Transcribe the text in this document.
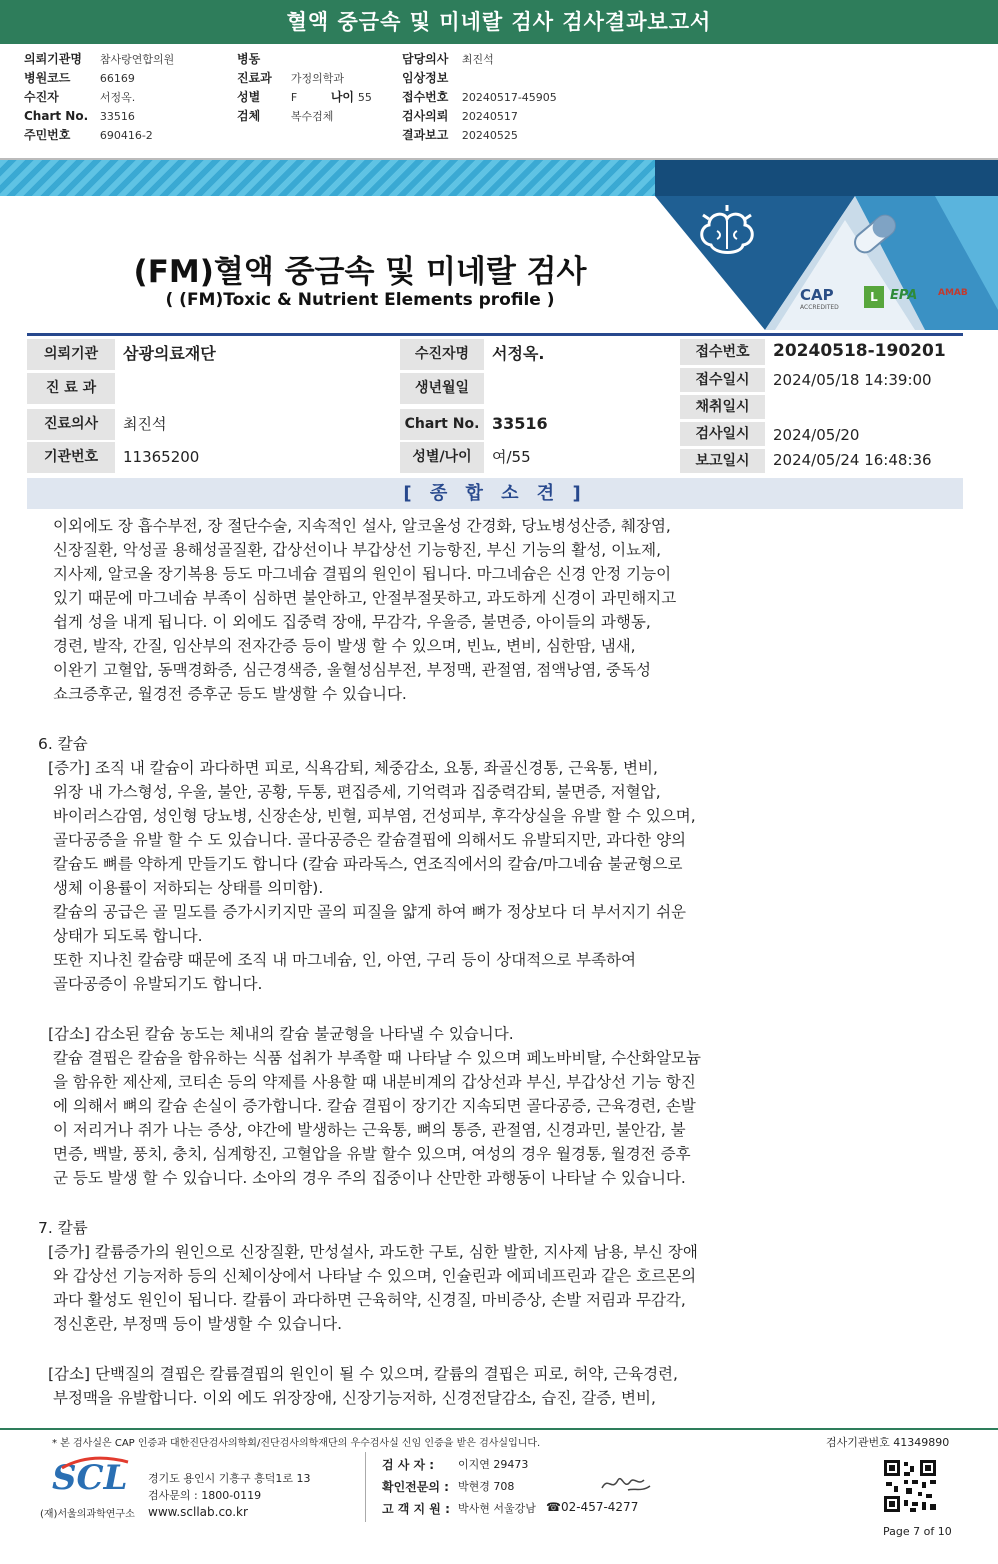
혈액 중금속 및 미네랄 검사 검사결과보고서
의뢰기관명 참사랑연합의원
병원코드	66169
수진자	서정옥.
Chart No. 33516
주민번호	690416-2
병동
진료과 가정의학과
성별	F	나이 55
검체	복수검체
담당의사 최진석
임상정보
접수번호 20240517-45905
검사의뢰 20240517
결과보고 20240525
CAP
ACCREDITED
L EPA AMAB
(FM)혈액 중금속 및 미네랄 검사
( (FM)Toxic & Nutrient Elements profile )
의뢰기관	삼광의료재단
진 료 과
진료의사	최진석
기관번호	11365200
수진자명	서정옥.
생년월일
Chart No. 33516
성별/나이	여/55
접수번호	20240518-190201
접수일시	2024/05/18 14:39:00
채취일시
검사일시	2024/05/20
보고일시	2024/05/24 16:48:36
[ 종 합 소 견 ]
이외에도 장 흡수부전, 장 절단수술, 지속적인 설사, 알코올성 간경화, 당뇨병성산증, 췌장염,
신장질환, 악성골 용해성골질환, 갑상선이나 부갑상선 기능항진, 부신 기능의 활성, 이뇨제,
지사제, 알코올 장기복용 등도 마그네슘 결핍의 원인이 됩니다. 마그네슘은 신경 안정 기능이
있기 때문에 마그네슘 부족이 심하면 불안하고, 안절부절못하고, 과도하게 신경이 과민해지고
쉽게 성을 내게 됩니다. 이 외에도 집중력 장애, 무감각, 우울증, 불면증, 아이들의 과행동,
경련, 발작, 간질, 임산부의 전자간증 등이 발생 할 수 있으며, 빈뇨, 변비, 심한땀, 냄새,
이완기 고혈압, 동맥경화증, 심근경색증, 울혈성심부전, 부정맥, 관절염, 점액낭염, 중독성
쇼크증후군, 월경전 증후군 등도 발생할 수 있습니다.
6. 칼슘
[증가] 조직 내 칼슘이 과다하면 피로, 식욕감퇴, 체중감소, 요통, 좌골신경통, 근육통, 변비,
위장 내 가스형성, 우울, 불안, 공황, 두통, 편집증세, 기억력과 집중력감퇴, 불면증, 저혈압,
바이러스감염, 성인형 당뇨병, 신장손상, 빈혈, 피부염, 건성피부, 후각상실을 유발 할 수 있으며,
골다공증을 유발 할 수 도 있습니다. 골다공증은 칼슘결핍에 의해서도 유발되지만, 과다한 양의
칼슘도 뼈를 약하게 만들기도 합니다 (칼슘 파라독스, 연조직에서의 칼슘/마그네슘 불균형으로
생체 이용률이 저하되는 상태를 의미함).
칼슘의 공급은 골 밀도를 증가시키지만 골의 피질을 얇게 하여 뼈가 정상보다 더 부서지기 쉬운
상태가 되도록 합니다.
또한 지나친 칼슘량 때문에 조직 내 마그네슘, 인, 아연, 구리 등이 상대적으로 부족하여
골다공증이 유발되기도 합니다.
[감소] 감소된 칼슘 농도는 체내의 칼슘 불균형을 나타낼 수 있습니다.
칼슘 결핍은 칼슘을 함유하는 식품 섭취가 부족할 때 나타날 수 있으며 페노바비탈, 수산화알모늄
을 함유한 제산제, 코티손 등의 약제를 사용할 때 내분비계의 갑상선과 부신, 부갑상선 기능 항진
에 의해서 뼈의 칼슘 손실이 증가합니다. 칼슘 결핍이 장기간 지속되면 골다공증, 근육경련, 손발
이 저리거나 쥐가 나는 증상, 야간에 발생하는 근육통, 뼈의 통증, 관절염, 신경과민, 불안감, 불
면증, 백발, 풍치, 충치, 심계항진, 고혈압을 유발 할수 있으며, 여성의 경우 월경통, 월경전 증후
군 등도 발생 할 수 있습니다. 소아의 경우 주의 집중이나 산만한 과행동이 나타날 수 있습니다.
7. 칼륨
[증가] 칼륨증가의 원인으로 신장질환, 만성설사, 과도한 구토, 심한 발한, 지사제 남용, 부신 장애
와 갑상선 기능저하 등의 신체이상에서 나타날 수 있으며, 인슐린과 에피네프린과 같은 호르몬의
과다 활성도 원인이 됩니다. 칼륨이 과다하면 근육허약, 신경질, 마비증상, 손발 저림과 무감각,
정신혼란, 부정맥 등이 발생할 수 있습니다.
[감소] 단백질의 결핍은 칼륨결핍의 원인이 될 수 있으며, 칼륨의 결핍은 피로, 허약, 근육경련,
부정맥을 유발합니다. 이외 에도 위장장애, 신장기능저하, 신경전달감소, 습진, 갈증, 변비,
* 본 검사실은 CAP 인증과 대한진단검사의학회/진단검사의학재단의 우수검사실 신임 인증을 받은 검사실입니다.	검사기관번호 41349890
SCL
(재)서울의과학연구소
경기도 용인시 기흥구 흥덕1로 13
검사문의 : 1800-0119
www.scllab.co.kr
검 사 자 : 이지연 29473
확인전문의 : 박현경 708
고 객 지 원 : 박사현 서울강남 ☎02-457-4277
Page 7 of 10
